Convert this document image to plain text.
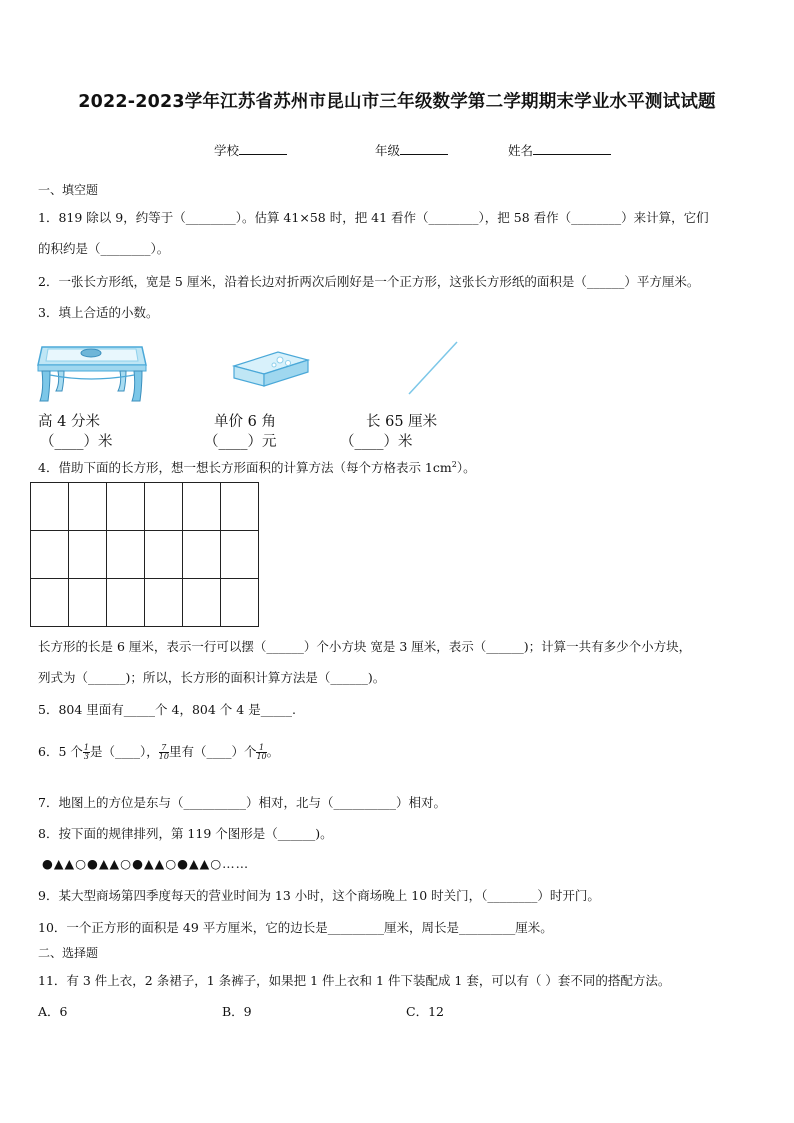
2022-2023学年江苏省苏州市昆山市三年级数学第二学期期末学业水平测试试题
学校	年级	姓名
一、填空题
1．819 除以 9，约等于（________）。估算 41×58 时，把 41 看作（________），把 58 看作（________）来计算，它们
的积约是（________）。
2．一张长方形纸，宽是 5 厘米，沿着长边对折两次后刚好是一个正方形，这张长方形纸的面积是（______）平方厘米。
3．填上合适的小数。
高 4 分米
（____）米
单价 6 角
（____）元
长 65 厘米
（____）米
4．借助下面的长方形，想一想长方形面积的计算方法（每个方格表示 $1cm^2$）。

长方形的长是 6 厘米，表示一行可以摆（______）个小方块 宽是 3 厘米，表示（______)；计算一共有多少个小方块，
列式为（______)；所以，长方形的面积计算方法是（______)。
5．804 里面有_____个 4，804 个 4 是_____.
6．5 个 $\frac{1}{3}$ 是（____）， $\frac{7}{10}$ 里有（____）个 $\frac{1}{10}$ 。
7．地图上的方位是东与（__________）相对，北与（__________）相对。
8．按下面的规律排列，第 119 个图形是（______)。
●▲▲○●▲▲○●▲▲○●▲▲○……
9．某大型商场第四季度每天的营业时间为 13 小时，这个商场晚上 10 时关门，（________）时开门。
10．一个正方形的面积是 49 平方厘米，它的边长是_________厘米，周长是_________厘米。
二、选择题
11．有 3 件上衣，2 条裙子，1 条裤子，如果把 1 件上衣和 1 件下装配成 1 套，可以有（ ）套不同的搭配方法。
A．6	B．9	C．12
